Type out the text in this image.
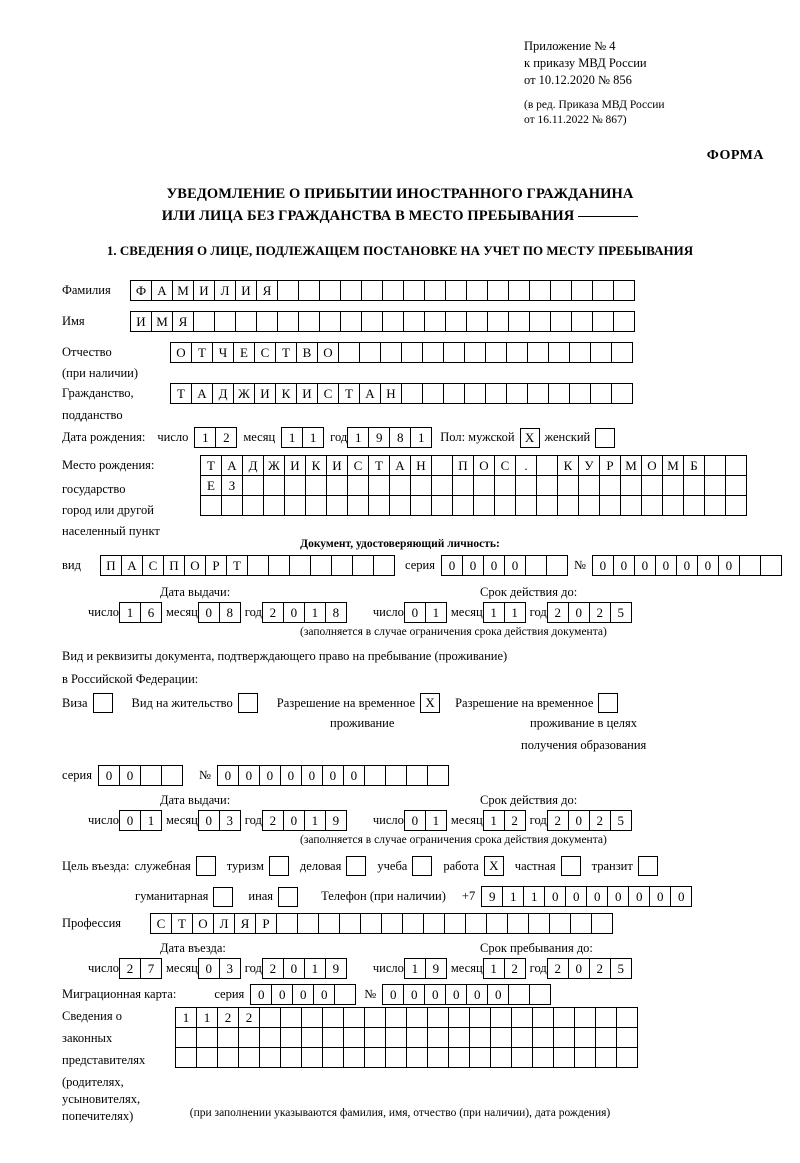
Приложение № 4
к приказу МВД России
от 10.12.2020 № 856
(в ред. Приказа МВД России
от 16.11.2022 № 867)
ФОРМА
УВЕДОМЛЕНИЕ О ПРИБЫТИИ ИНОСТРАННОГО ГРАЖДАНИНА
ИЛИ ЛИЦА БЕЗ ГРАЖДАНСТВА В МЕСТО ПРЕБЫВАНИЯ
1. СВЕДЕНИЯ О ЛИЦЕ, ПОДЛЕЖАЩЕМ ПОСТАНОВКЕ НА УЧЕТ ПО МЕСТУ ПРЕБЫВАНИЯ
Фамилия	Ф А М И Л И Я
Имя	И М Я
Отчество	О Т Ч Е С Т В О
(при наличии)
Гражданство,	Т А Д Ж И К И С Т А Н
подданство
Дата рождения: число	1	2	месяц	1	1	год 1	9	8	1	Пол: мужской X женский
Место рождения:
государство
город или другой
населенный пункт
Т А Д Ж И К И С Т А Н	П О С	.	К У Р М О М Б
Е	З
Документ, удостоверяющий личность:
вид	П А С П О Р	Т	серия	0	0	0	0	№	0	0	0	0	0	0	0
Дата выдачи:	Срок действия до:
число 1	6 месяц 0	8 год 2	0	1	8	число 0	1 месяц 1	1 год 2	0	2	5
(заполняется в случае ограничения срока действия документа)
Вид и реквизиты документа, подтверждающего право на пребывание (проживание)
в Российской Федерации:
Виза	Вид на жительство	Разрешение на временное X	Разрешение на временное
проживание	проживание в целях
получения образования
серия	0	0	№	0	0	0	0	0	0	0
Дата выдачи:	Срок действия до:
число 0	1 месяц 0	3 год 2	0	1	9	число 0	1 месяц 1	2 год 2	0	2	5
(заполняется в случае ограничения срока действия документа)
Цель въезда: служебная	туризм	деловая	учеба	работа X	частная	транзит
гуманитарная	иная	Телефон (при наличии) +7	9	1	1	0	0	0	0	0	0	0
Профессия	С Т О Л Я	Р
Дата въезда:	Срок пребывания до:
число 2	7 месяц 0	3 год 2	0	1	9	число 1	9 месяц 1	2 год 2	0	2	5
Миграционная карта:	серия	0	0	0	0	№	0	0	0	0	0	0
Сведения о
законных
представителях
(родителях,
усыновителях,
попечителях)
1	1	2	2
(при заполнении указываются фамилия, имя, отчество (при наличии), дата рождения)
